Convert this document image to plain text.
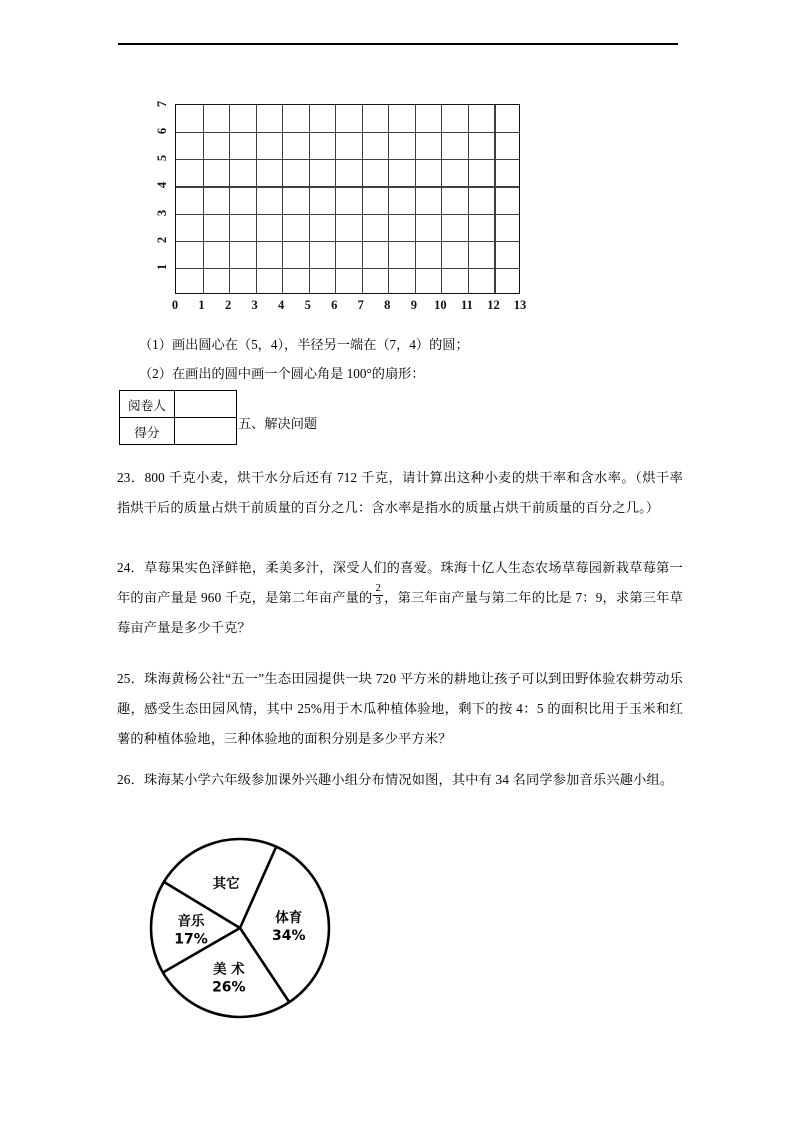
0	1	2	3	4	5	6	7	8	9	10	11	12	13
1
2
3
4
5
6
7
（1）画出圆心在（5，4），半径另一端在（7，4）的圆；
（2）在画出的圆中画一个圆心角是 100°的扇形：
阅卷人	
得分	
五、解决问题
23．800 千克小麦，烘干水分后还有 712 千克，请计算出这种小麦的烘干率和含水率。（烘干率指烘干后的质量占烘干前质量的百分之几：含水率是指水的质量占烘干前质量的百分之几。）
24．草莓果实色泽鲜艳，柔美多汁，深受人们的喜爱。珠海十亿人生态农场草莓园新栽草莓第一年的亩产量是 960 千克，是第二年亩产量的 $\frac{2}{3}$ ，第三年亩产量与第二年的比是 7：9，求第三年草莓亩产量是多少千克？
25．珠海黄杨公社“五一”生态田园提供一块 720 平方米的耕地让孩子可以到田野体验农耕劳动乐趣，感受生态田园风情，其中 25%用于木瓜种植体验地，剩下的按 4：5 的面积比用于玉米和红薯的种植体验地，三种体验地的面积分别是多少平方米？
26．珠海某小学六年级参加课外兴趣小组分布情况如图，其中有 34 名同学参加音乐兴趣小组。
体育
34%
美 术
26%
音乐
17%
其它
